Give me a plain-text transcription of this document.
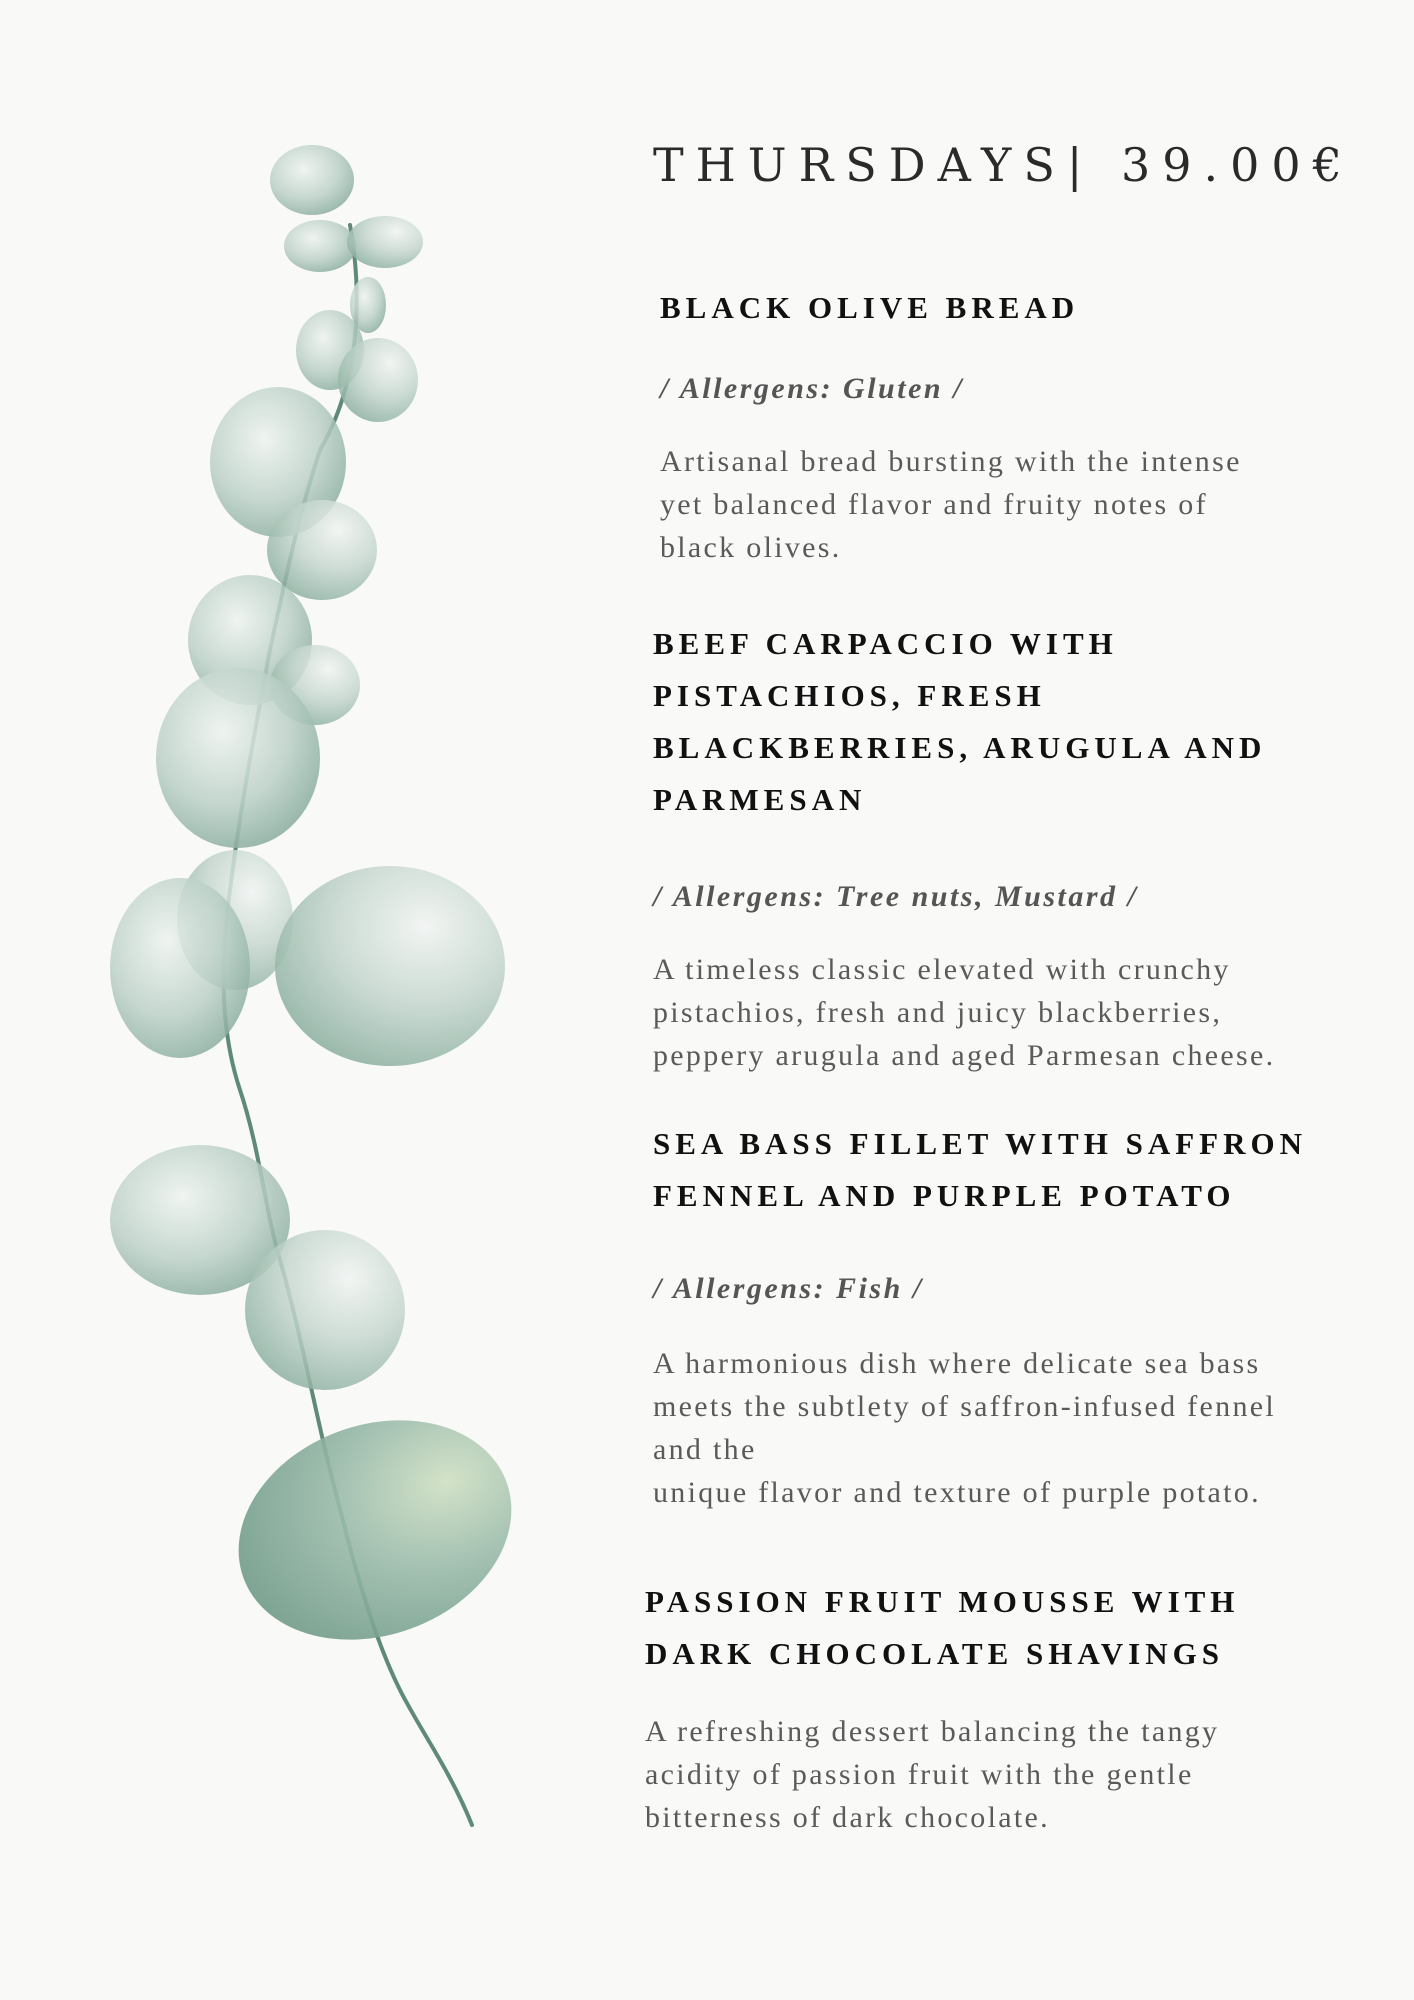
THURSDAYS| 39.00€
BLACK OLIVE BREAD
/ Allergens: Gluten /
Artisanal bread bursting with the intense
yet balanced flavor and fruity notes of
black olives.
BEEF CARPACCIO WITH
PISTACHIOS, FRESH
BLACKBERRIES, ARUGULA AND
PARMESAN
/ Allergens: Tree nuts, Mustard /
A timeless classic elevated with crunchy
pistachios, fresh and juicy blackberries,
peppery arugula and aged Parmesan cheese.
SEA BASS FILLET WITH SAFFRON
FENNEL AND PURPLE POTATO
/ Allergens: Fish /
A harmonious dish where delicate sea bass
meets the subtlety of saffron-infused fennel
and the
unique flavor and texture of purple potato.
PASSION FRUIT MOUSSE WITH
DARK CHOCOLATE SHAVINGS
A refreshing dessert balancing the tangy
acidity of passion fruit with the gentle
bitterness of dark chocolate.
